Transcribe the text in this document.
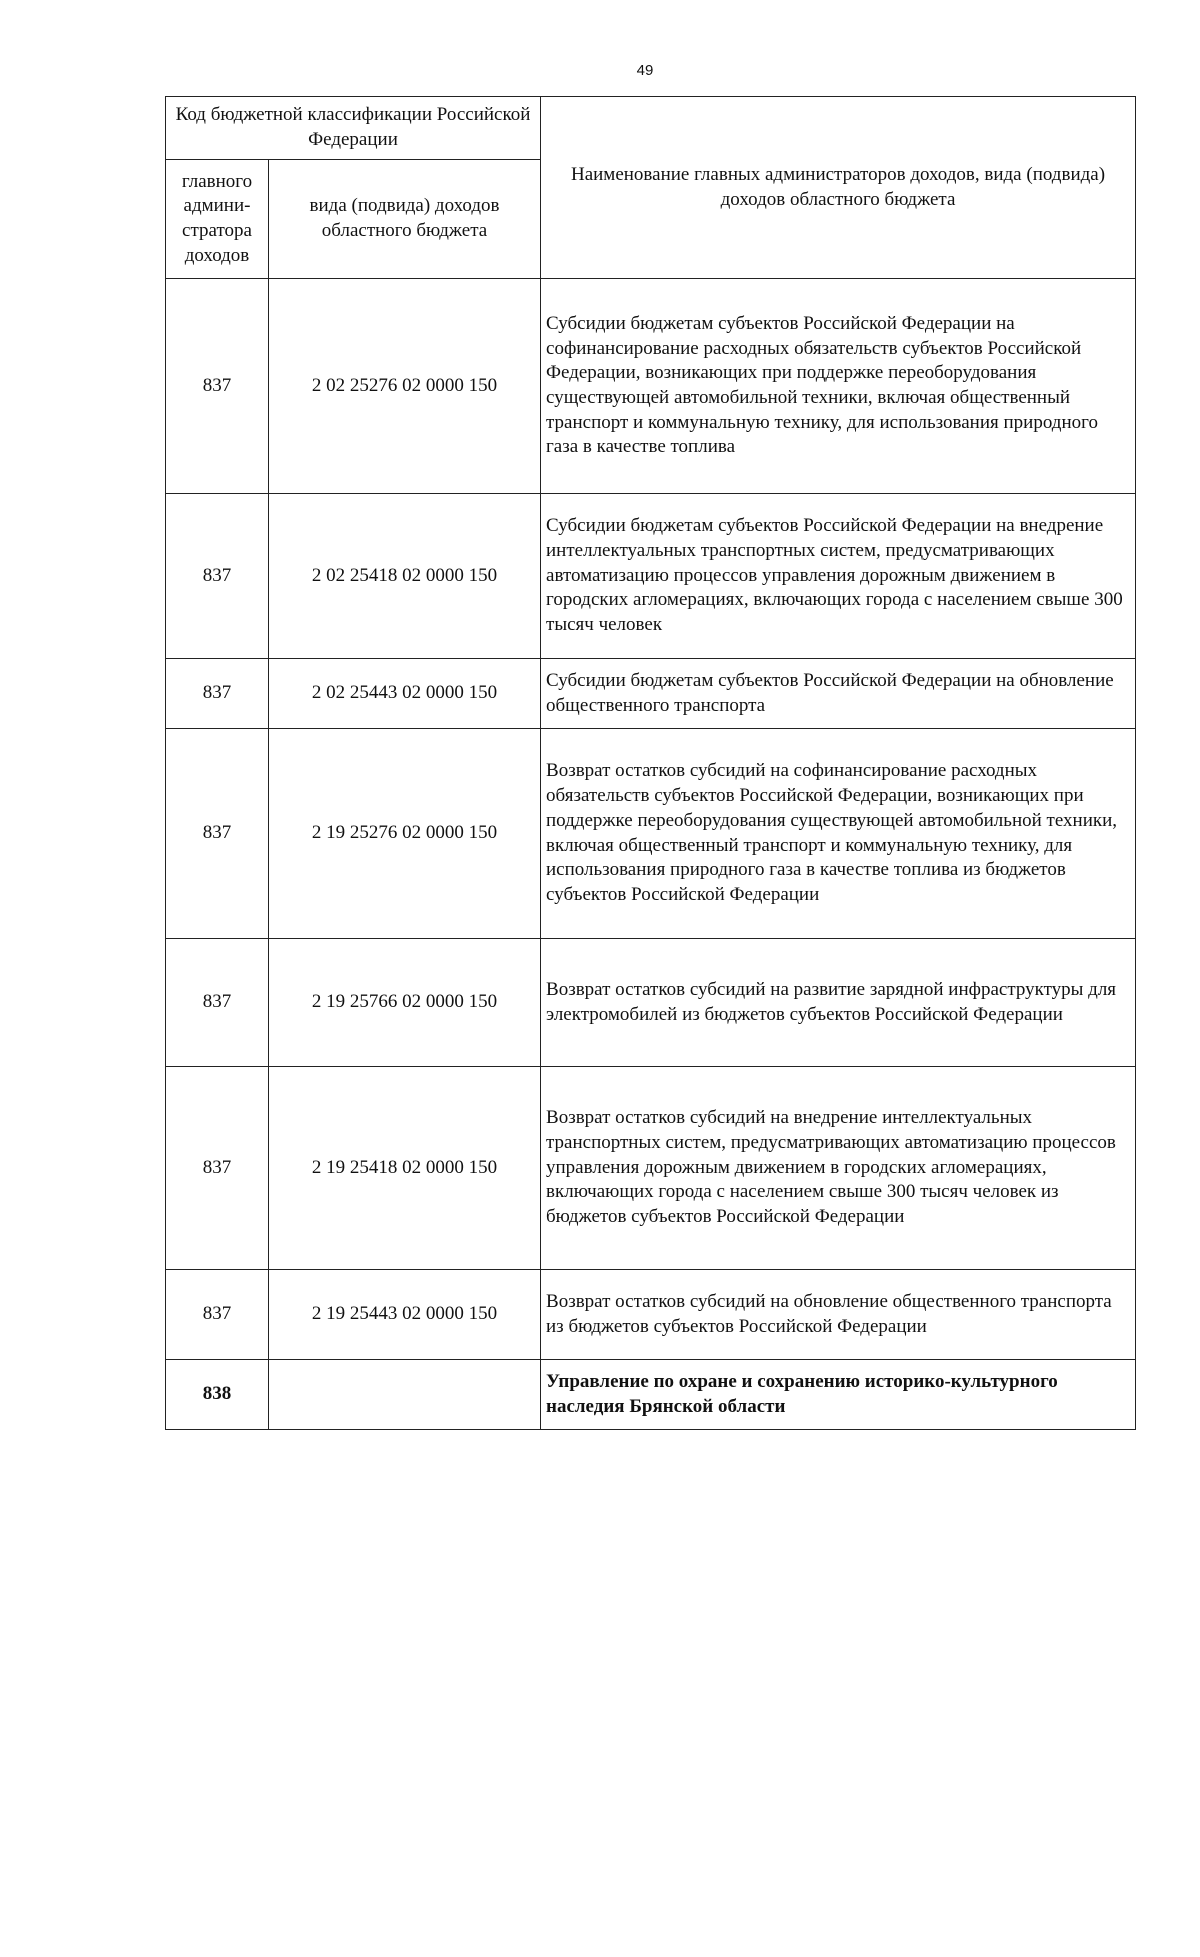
49
Код бюджетной классификации Российской Федерации		Наименование главных администраторов доходов, вида (подвида) доходов областного бюджета
главного админи-стратора доходов	вида (подвида) доходов областного бюджета	
837	2 02 25276 02 0000 150	Субсидии бюджетам субъектов Российской Федерации на софинансирование расходных обязательств субъектов Российской Федерации, возникающих при поддержке переоборудования существующей автомобильной техники, включая общественный транспорт и коммунальную технику, для использования природного газа в качестве топлива
837	2 02 25418 02 0000 150	Субсидии бюджетам субъектов Российской Федерации на внедрение интеллектуальных транспортных систем, предусматривающих автоматизацию процессов управления дорожным движением в городских агломерациях, включающих города с населением свыше 300 тысяч человек
837	2 02 25443 02 0000 150	Субсидии бюджетам субъектов Российской Федерации на обновление общественного транспорта
837	2 19 25276 02 0000 150	Возврат остатков субсидий на софинансирование расходных обязательств субъектов Российской Федерации, возникающих при поддержке переоборудования существующей автомобильной техники, включая общественный транспорт и коммунальную технику, для использования природного газа в качестве топлива из бюджетов субъектов Российской Федерации
837	2 19 25766 02 0000 150	Возврат остатков субсидий на развитие зарядной инфраструктуры для электромобилей из бюджетов субъектов Российской Федерации
837	2 19 25418 02 0000 150	Возврат остатков субсидий на внедрение интеллектуальных транспортных систем, предусматривающих автоматизацию процессов управления дорожным движением в городских агломерациях, включающих города с населением свыше 300 тысяч человек из бюджетов субъектов Российской Федерации
837	2 19 25443 02 0000 150	Возврат остатков субсидий на обновление общественного транспорта из бюджетов субъектов Российской Федерации
838		Управление по охране и сохранению историко-культурного наследия Брянской области
